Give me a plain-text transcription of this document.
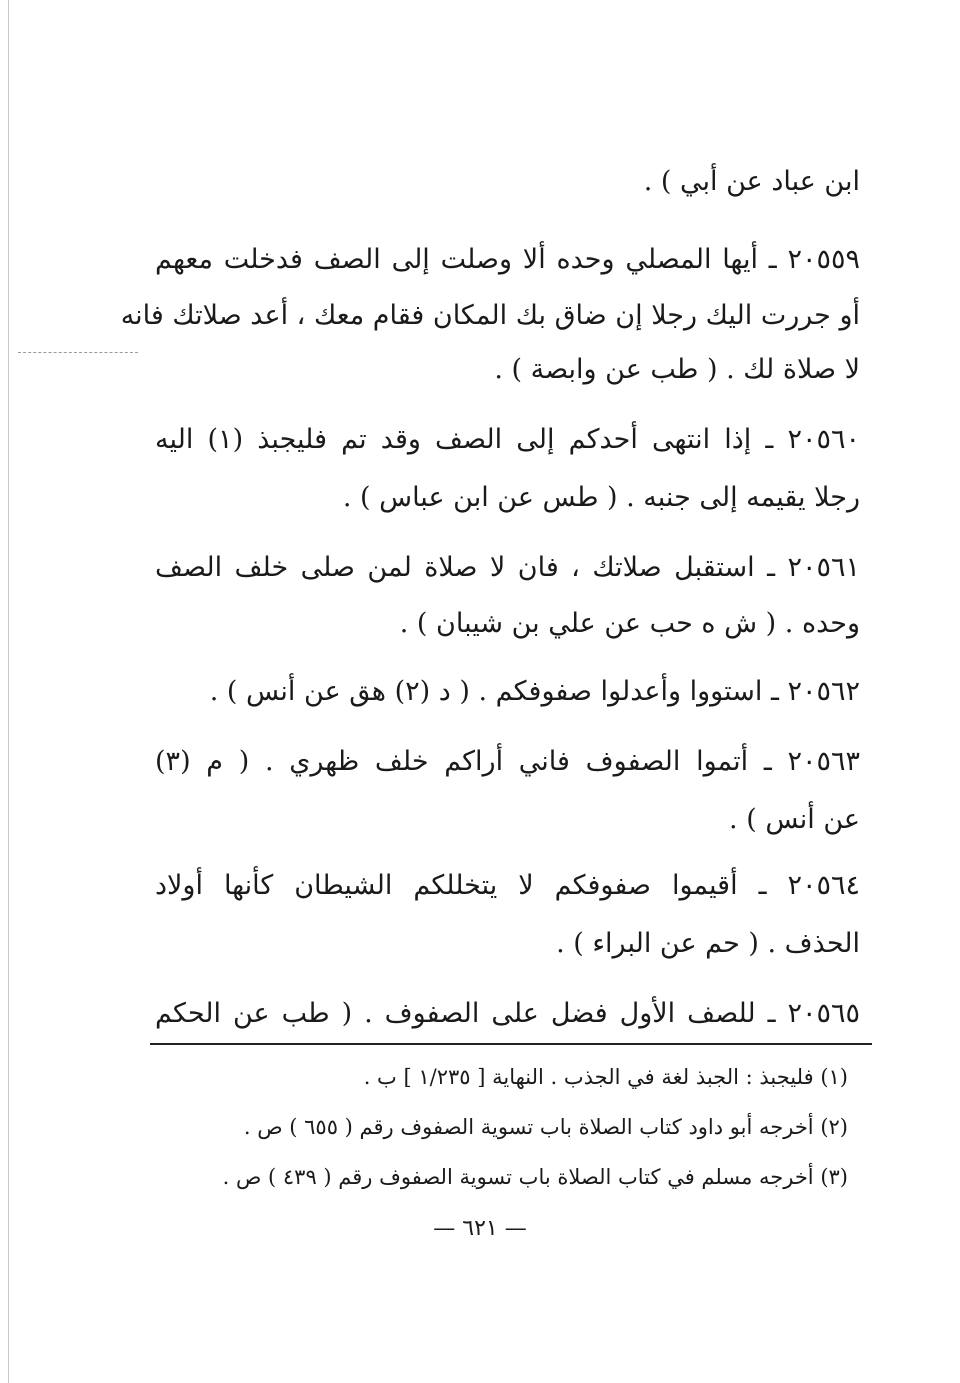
ابن عباد عن أبي ) .
٢٠٥٥٩ ـ أيها المصلي وحده ألا وصلت إلى الصف فدخلت معهم
أو جررت اليك رجلا إن ضاق بك المكان فقام معك ، أعد صلاتك فانه
لا صلاة لك . ( طب عن وابصة ) .
٢٠٥٦٠ ـ إذا انتهى أحدكم إلى الصف وقد تم فليجبذ (١) اليه
رجلا يقيمه إلى جنبه . ( طس عن ابن عباس ) .
٢٠٥٦١ ـ استقبل صلاتك ، فان لا صلاة لمن صلى خلف الصف
وحده . ( ش ه حب عن علي بن شيبان ) .
٢٠٥٦٢ ـ استووا وأعدلوا صفوفكم . ( د (٢) هق عن أنس ) .
٢٠٥٦٣ ـ أتموا الصفوف فاني أراكم خلف ظهري . ( م (٣)
عن أنس ) .
٢٠٥٦٤ ـ أقيموا صفوفكم لا يتخللكم الشيطان كأنها أولاد
الحذف . ( حم عن البراء ) .
٢٠٥٦٥ ـ للصف الأول فضل على الصفوف . ( طب عن الحكم
(١) فليجبذ : الجبذ لغة في الجذب . النهاية [ ١/٢٣٥ ] ب .
(٢) أخرجه أبو داود كتاب الصلاة باب تسوية الصفوف رقم ( ٦٥٥ ) ص .
(٣) أخرجه مسلم في كتاب الصلاة باب تسوية الصفوف رقم ( ٤٣٩ ) ص .
— ٦٢١ —
